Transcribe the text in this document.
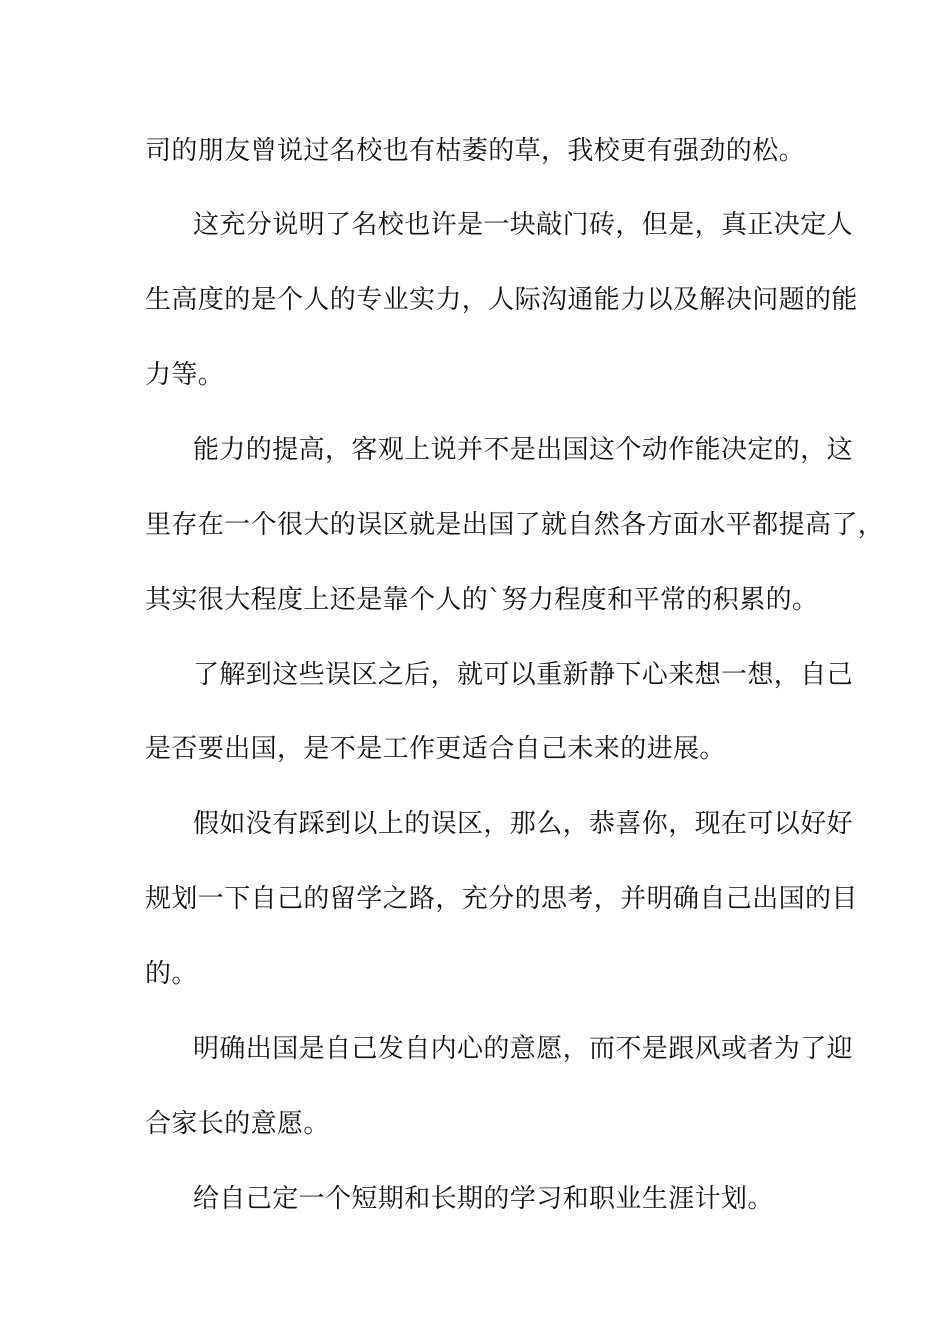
司的朋友曾说过名校也有枯萎的草，我校更有强劲的松。
这充分说明了名校也许是一块敲门砖，但是，真正决定人
生高度的是个人的专业实力，人际沟通能力以及解决问题的能
力等。
能力的提高，客观上说并不是出国这个动作能决定的，这
里存在一个很大的误区就是出国了就自然各方面水平都提高了，
其实很大程度上还是靠个人的`努力程度和平常的积累的。
了解到这些误区之后，就可以重新静下心来想一想，自己
是否要出国，是不是工作更适合自己未来的进展。
假如没有踩到以上的误区，那么，恭喜你，现在可以好好
规划一下自己的留学之路，充分的思考，并明确自己出国的目
的。
明确出国是自己发自内心的意愿，而不是跟风或者为了迎
合家长的意愿。
给自己定一个短期和长期的学习和职业生涯计划。
